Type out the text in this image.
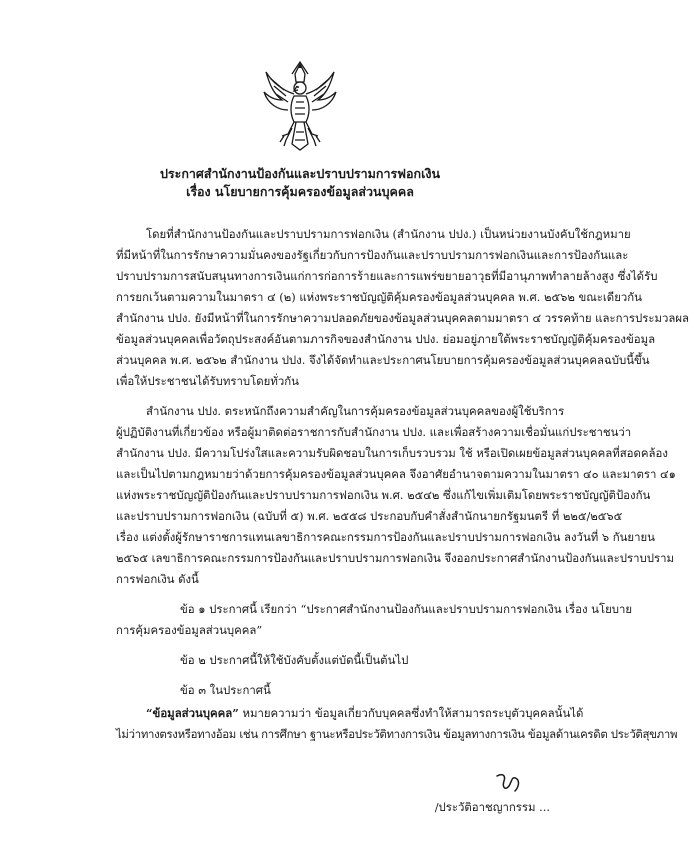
ประกาศสำนักงานป้องกันและปราบปรามการฟอกเงิน
เรื่อง นโยบายการคุ้มครองข้อมูลส่วนบุคคล
โดยที่สำนักงานป้องกันและปราบปรามการฟอกเงิน (สำนักงาน ปปง.) เป็นหน่วยงานบังคับใช้กฎหมาย
ที่มีหน้าที่ในการรักษาความมั่นคงของรัฐเกี่ยวกับการป้องกันและปราบปรามการฟอกเงินและการป้องกันและ
ปราบปรามการสนับสนุนทางการเงินแก่การก่อการร้ายและการแพร่ขยายอาวุธที่มีอานุภาพทำลายล้างสูง ซึ่งได้รับ
การยกเว้นตามความในมาตรา ๔ (๒) แห่งพระราชบัญญัติคุ้มครองข้อมูลส่วนบุคคล พ.ศ. ๒๕๖๒ ขณะเดียวกัน
สำนักงาน ปปง. ยังมีหน้าที่ในการรักษาความปลอดภัยของข้อมูลส่วนบุคคลตามมาตรา ๔ วรรคท้าย และการประมวลผล
ข้อมูลส่วนบุคคลเพื่อวัตถุประสงค์อันตามภารกิจของสำนักงาน ปปง. ย่อมอยู่ภายใต้พระราชบัญญัติคุ้มครองข้อมูล
ส่วนบุคคล พ.ศ. ๒๕๖๒ สำนักงาน ปปง. จึงได้จัดทำและประกาศนโยบายการคุ้มครองข้อมูลส่วนบุคคลฉบับนี้ขึ้น
เพื่อให้ประชาชนได้รับทราบโดยทั่วกัน
สำนักงาน ปปง. ตระหนักถึงความสำคัญในการคุ้มครองข้อมูลส่วนบุคคลของผู้ใช้บริการ
ผู้ปฏิบัติงานที่เกี่ยวข้อง หรือผู้มาติดต่อราชการกับสำนักงาน ปปง. และเพื่อสร้างความเชื่อมั่นแก่ประชาชนว่า
สำนักงาน ปปง. มีความโปร่งใสและความรับผิดชอบในการเก็บรวบรวม ใช้ หรือเปิดเผยข้อมูลส่วนบุคคลที่สอดคล้อง
และเป็นไปตามกฎหมายว่าด้วยการคุ้มครองข้อมูลส่วนบุคคล จึงอาศัยอำนาจตามความในมาตรา ๔๐ และมาตรา ๔๑
แห่งพระราชบัญญัติป้องกันและปราบปรามการฟอกเงิน พ.ศ. ๒๕๔๒ ซึ่งแก้ไขเพิ่มเติมโดยพระราชบัญญัติป้องกัน
และปราบปรามการฟอกเงิน (ฉบับที่ ๕) พ.ศ. ๒๕๕๘ ประกอบกับคำสั่งสำนักนายกรัฐมนตรี ที่ ๒๒๕/๒๕๖๕
เรื่อง แต่งตั้งผู้รักษาราชการแทนเลขาธิการคณะกรรมการป้องกันและปราบปรามการฟอกเงิน ลงวันที่ ๖ กันยายน
๒๕๖๕ เลขาธิการคณะกรรมการป้องกันและปราบปรามการฟอกเงิน จึงออกประกาศสำนักงานป้องกันและปราบปราม
การฟอกเงิน ดังนี้
ข้อ ๑ ประกาศนี้ เรียกว่า “ประกาศสำนักงานป้องกันและปราบปรามการฟอกเงิน เรื่อง นโยบาย
การคุ้มครองข้อมูลส่วนบุคคล”
ข้อ ๒ ประกาศนี้ให้ใช้บังคับตั้งแต่บัดนี้เป็นต้นไป
ข้อ ๓ ในประกาศนี้
“ข้อมูลส่วนบุคคล” หมายความว่า ข้อมูลเกี่ยวกับบุคคลซึ่งทำให้สามารถระบุตัวบุคคลนั้นได้
ไม่ว่าทางตรงหรือทางอ้อม เช่น การศึกษา ฐานะหรือประวัติทางการเงิน ข้อมูลทางการเงิน ข้อมูลด้านเครดิต ประวัติสุขภาพ
/ประวัติอาชญากรรม ...
